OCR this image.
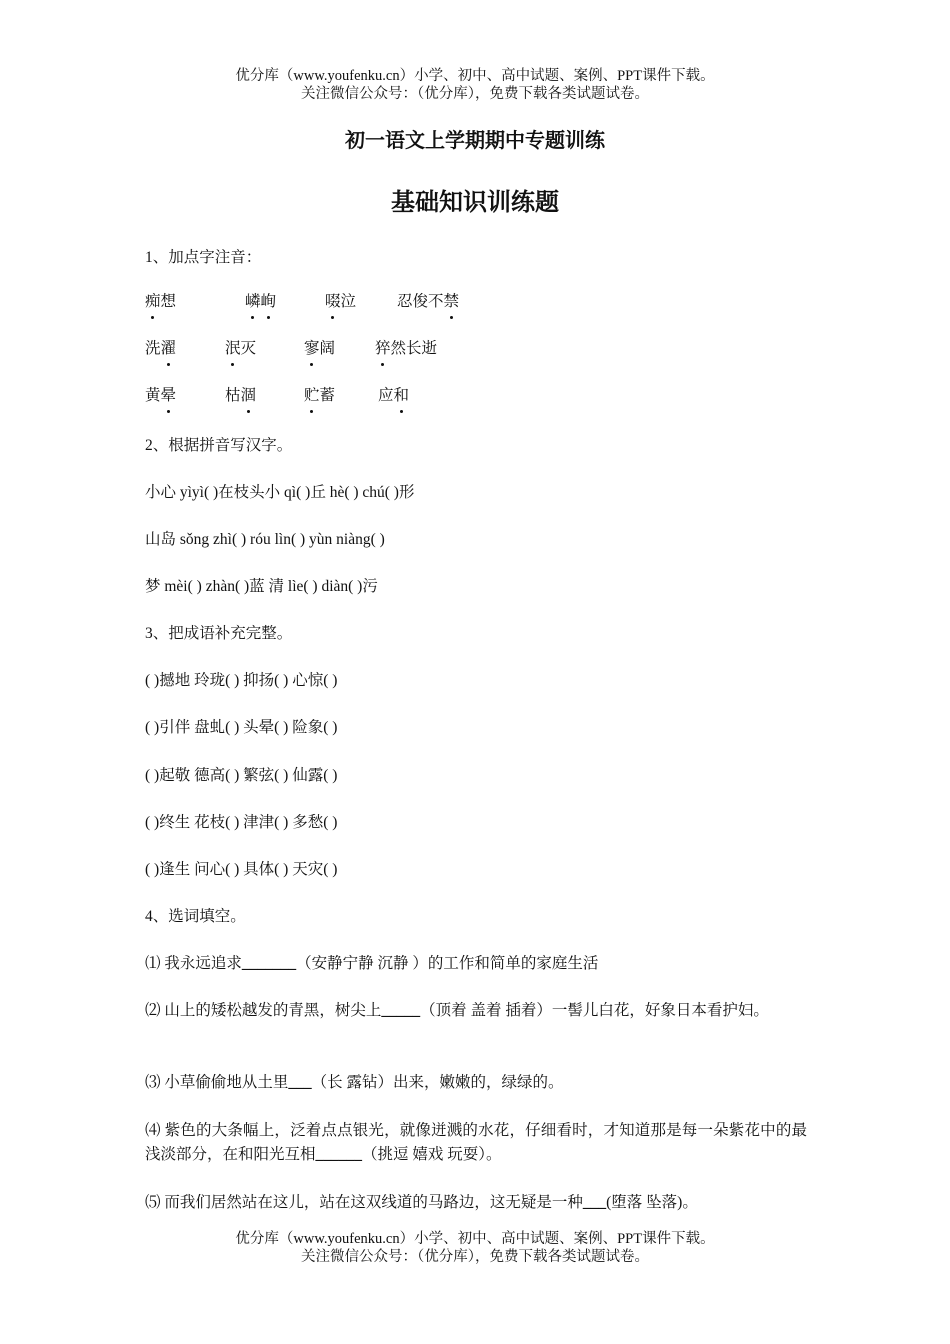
优分库（www.youfenku.cn）小学、初中、高中试题、案例、PPT课件下载。
关注微信公众号：（优分库），免费下载各类试题试卷。
初一语文上学期期中专题训练
基础知识训练题
1、加点字注音：
痴想	嶙峋	啜泣	忍俊不禁
洗濯	泯灭	寥阔	猝然长逝
黄晕	枯涸	贮蓄	应和
2、根据拼音写汉字。
小心 yìyì( )在枝头小 qì( )丘 hè( ) chú( )形
山岛 sǒng zhì( ) róu lìn( ) yùn niàng( )
梦 mèi( ) zhàn( )蓝 清 lìe( ) diàn( )污
3、把成语补充完整。
( )撼地 玲珑( ) 抑扬( ) 心惊( )
( )引伴 盘虬( ) 头晕( ) 险象( )
( )起敬 德高( ) 繁弦( ) 仙露( )
( )终生 花枝( ) 津津( ) 多愁( )
( )逢生 问心( ) 具体( ) 天灾( )
4、选词填空。
⑴ 我永远追求_______（安静宁静 沉静 ）的工作和简单的家庭生活
⑵ 山上的矮松越发的青黑，树尖上_____（顶着 盖着 插着）一髻儿白花，好象日本看护妇。
⑶ 小草偷偷地从土里___（长 露钻）出来，嫩嫩的，绿绿的。
⑷ 紫色的大条幅上，泛着点点银光，就像迸溅的水花，仔细看时，才知道那是每一朵紫花中的最浅淡部分，在和阳光互相______（挑逗 嬉戏 玩耍）。
⑸ 而我们居然站在这儿，站在这双线道的马路边，这无疑是一种___(堕落 坠落)。
优分库（www.youfenku.cn）小学、初中、高中试题、案例、PPT课件下载。
关注微信公众号：（优分库），免费下载各类试题试卷。
